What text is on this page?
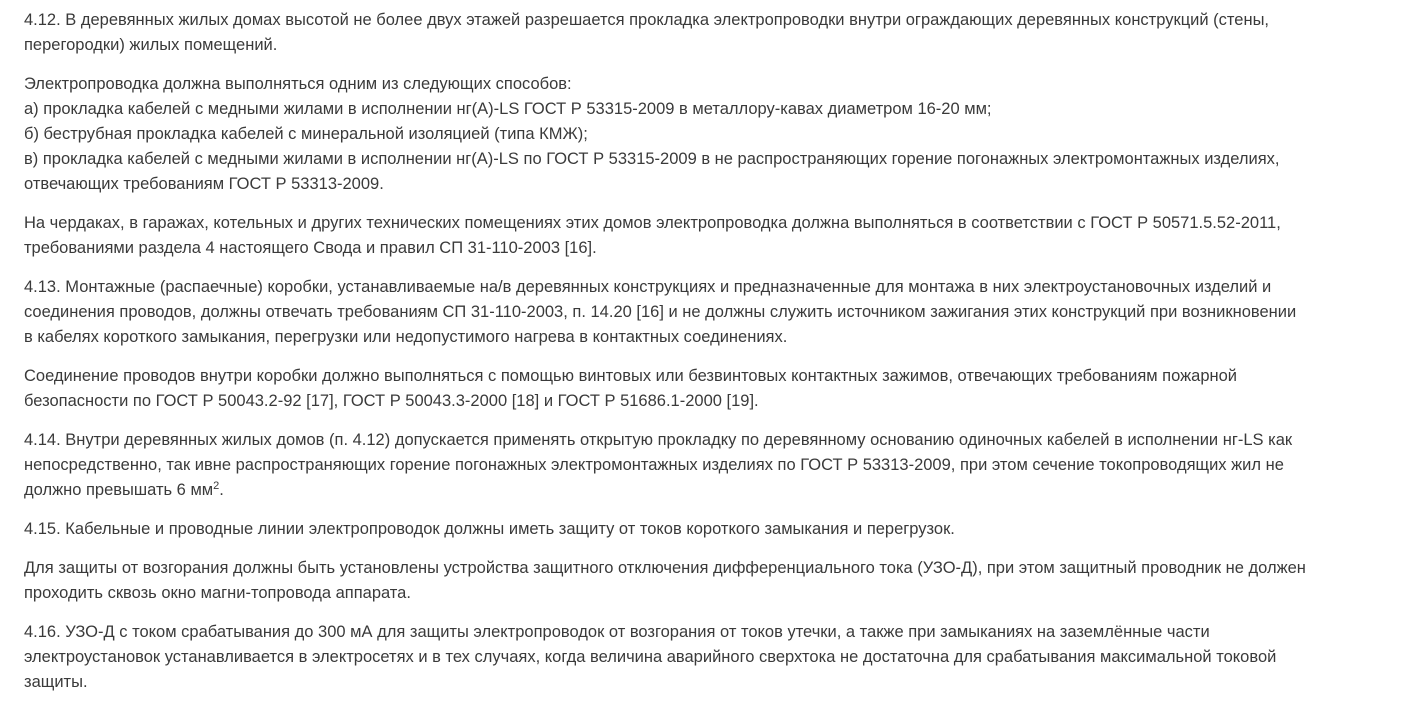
4.12. В деревянных жилых домах высотой не более двух этажей разрешается прокладка электропроводки внутри ограждающих деревянных конструкций (стены,
перегородки) жилых помещений.

Электропроводка должна выполняться одним из следующих способов:
а) прокладка кабелей с медными жилами в исполнении нг(А)-LS ГОСТ Р 53315-2009 в металлору-кавах диаметром 16-20 мм;
б) беструбная прокладка кабелей с минеральной изоляцией (типа КМЖ);
в) прокладка кабелей с медными жилами в исполнении нг(А)-LS по ГОСТ Р 53315-2009 в не распространяющих горение погонажных электромонтажных изделиях,
отвечающих требованиям ГОСТ Р 53313-2009.

На чердаках, в гаражах, котельных и других технических помещениях этих домов электропроводка должна выполняться в соответствии с ГОСТ Р 50571.5.52-2011,
требованиями раздела 4 настоящего Свода и правил СП 31-110-2003 [16].

4.13. Монтажные (распаечные) коробки, устанавливаемые на/в деревянных конструкциях и предназначенные для монтажа в них электроустановочных изделий и
соединения проводов, должны отвечать требованиям СП 31-110-2003, п. 14.20 [16] и не должны служить источником зажигания этих конструкций при возникновении
в кабелях короткого замыкания, перегрузки или недопустимого нагрева в контактных соединениях.

Соединение проводов внутри коробки должно выполняться с помощью винтовых или безвинтовых контактных зажимов, отвечающих требованиям пожарной
безопасности по ГОСТ Р 50043.2-92 [17], ГОСТ Р 50043.3-2000 [18] и ГОСТ Р 51686.1-2000 [19].

4.14. Внутри деревянных жилых домов (п. 4.12) допускается применять открытую прокладку по деревянному основанию одиночных кабелей в исполнении нг-LS как
непосредственно, так ивне распространяющих горение погонажных электромонтажных изделиях по ГОСТ Р 53313-2009, при этом сечение токопроводящих жил не
должно превышать 6 $мм^2$.

4.15. Кабельные и проводные линии электропроводок должны иметь защиту от токов короткого замыкания и перегрузок.

Для защиты от возгорания должны быть установлены устройства защитного отключения дифференциального тока (УЗО-Д), при этом защитный проводник не должен
проходить сквозь окно магни-топровода аппарата.

4.16. УЗО-Д с током срабатывания до 300 мА для защиты электропроводок от возгорания от токов утечки, а также при замыканиях на заземлённые части
электроустановок устанавливается в электросетях и в тех случаях, когда величина аварийного сверхтока не достаточна для срабатывания максимальной токовой
защиты.
